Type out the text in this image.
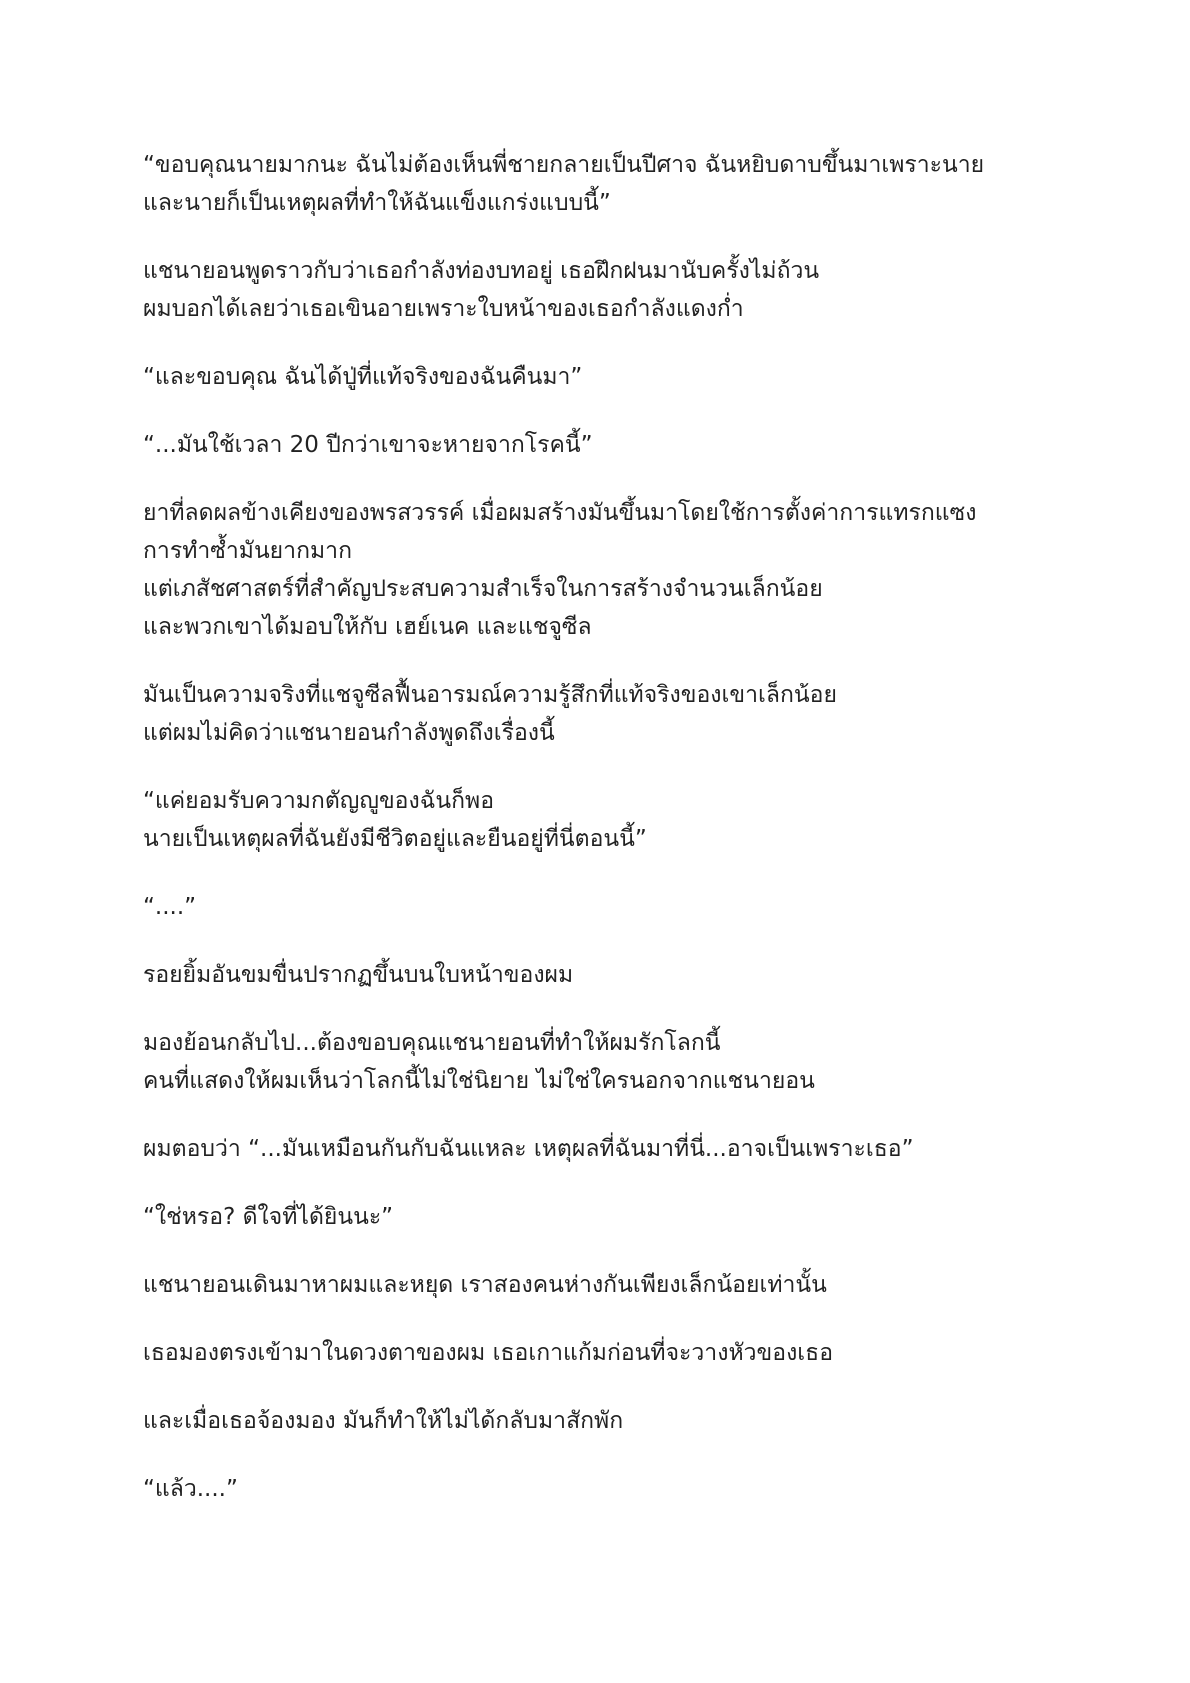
“ขอบคุณนายมากนะ ฉันไม่ต้องเห็นพี่ชายกลายเป็นปีศาจ ฉันหยิบดาบขึ้นมาเพราะนาย
และนายก็เป็นเหตุผลที่ทำให้ฉันแข็งแกร่งแบบนี้”
แชนายอนพูดราวกับว่าเธอกำลังท่องบทอยู่ เธอฝึกฝนมานับครั้งไม่ถ้วน
ผมบอกได้เลยว่าเธอเขินอายเพราะใบหน้าของเธอกำลังแดงก่ำ
“และขอบคุณ ฉันได้ปู่ที่แท้จริงของฉันคืนมา”
“...มันใช้เวลา 20 ปีกว่าเขาจะหายจากโรคนี้”
ยาที่ลดผลข้างเคียงของพรสวรรค์ เมื่อผมสร้างมันขึ้นมาโดยใช้การตั้งค่าการแทรกแซง
การทำซ้ำมันยากมาก
แต่เภสัชศาสตร์ที่สำคัญประสบความสำเร็จในการสร้างจำนวนเล็กน้อย
และพวกเขาได้มอบให้กับ เฮย์เนค และแชจูซีล
มันเป็นความจริงที่แชจูซีลฟื้นอารมณ์ความรู้สึกที่แท้จริงของเขาเล็กน้อย
แต่ผมไม่คิดว่าแชนายอนกำลังพูดถึงเรื่องนี้
“แค่ยอมรับความกตัญญูของฉันก็พอ
นายเป็นเหตุผลที่ฉันยังมีชีวิตอยู่และยืนอยู่ที่นี่ตอนนี้”
“....”
รอยยิ้มอันขมขื่นปรากฏขึ้นบนใบหน้าของผม
มองย้อนกลับไป...ต้องขอบคุณแชนายอนที่ทำให้ผมรักโลกนี้
คนที่แสดงให้ผมเห็นว่าโลกนี้ไม่ใช่นิยาย ไม่ใช่ใครนอกจากแชนายอน
ผมตอบว่า “...มันเหมือนกันกับฉันแหละ เหตุผลที่ฉันมาที่นี่...อาจเป็นเพราะเธอ”
“ใช่หรอ? ดีใจที่ได้ยินนะ”
แชนายอนเดินมาหาผมและหยุด เราสองคนห่างกันเพียงเล็กน้อยเท่านั้น
เธอมองตรงเข้ามาในดวงตาของผม เธอเกาแก้มก่อนที่จะวางหัวของเธอ
และเมื่อเธอจ้องมอง มันก็ทำให้ไม่ได้กลับมาสักพัก
“แล้ว....”
